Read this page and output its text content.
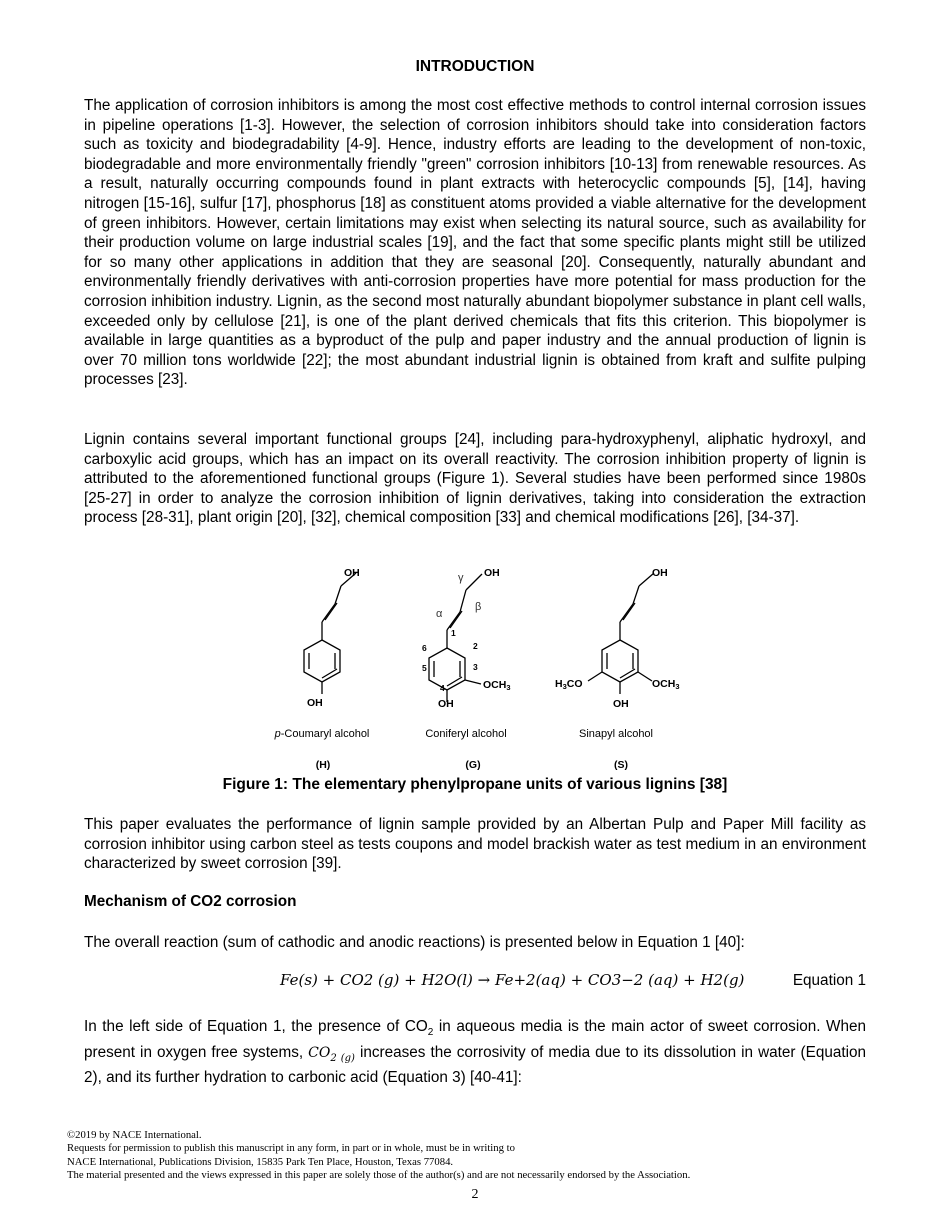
INTRODUCTION

The application of corrosion inhibitors is among the most cost effective methods to control internal corrosion issues in pipeline operations [1-3]. However, the selection of corrosion inhibitors should take into consideration factors such as toxicity and biodegradability [4-9]. Hence, industry efforts are leading to the development of non-toxic, biodegradable and more environmentally friendly "green" corrosion inhibitors [10-13] from renewable resources. As a result, naturally occurring compounds found in plant extracts with heterocyclic compounds [5], [14], having nitrogen [15-16], sulfur [17], phosphorus [18] as constituent atoms provided a viable alternative for the development of green inhibitors. However, certain limitations may exist when selecting its natural source, such as availability for their production volume on large industrial scales [19], and the fact that some specific plants might still be utilized for so many other applications in addition that they are seasonal [20]. Consequently, naturally abundant and environmentally friendly derivatives with anti-corrosion properties have more potential for mass production for the corrosion inhibition industry. Lignin, as the second most naturally abundant biopolymer substance in plant cell walls, exceeded only by cellulose [21], is one of the plant derived chemicals that fits this criterion. This biopolymer is available in large quantities as a byproduct of the pulp and paper industry and the annual production of lignin is over 70 million tons worldwide [22]; the most abundant industrial lignin is obtained from kraft and sulfite pulping processes [23].

Lignin contains several important functional groups [24], including para-hydroxyphenyl, aliphatic hydroxyl, and carboxylic acid groups, which has an impact on its overall reactivity. The corrosion inhibition property of lignin is attributed to the aforementioned functional groups (Figure 1). Several studies have been performed since 1980s [25-27] in order to analyze the corrosion inhibition of lignin derivatives, taking into consideration the extraction process [28-31], plant origin [20], [32], chemical composition [33] and chemical modifications [26], [34-37].

OH
OH
OH
OH
OCH3
OH
OH
OCH3
H3CO
1
2
3
4
5
6
γ
α
β
p-Coumaryl alcohol	Coniferyl alcohol	Sinapyl alcohol
(H)	(G)	(S)
Figure 1: The elementary phenylpropane units of various lignins [38]

This paper evaluates the performance of lignin sample provided by an Albertan Pulp and Paper Mill facility as corrosion inhibitor using carbon steel as tests coupons and model brackish water as test medium in an environment characterized by sweet corrosion [39].

Mechanism of CO2 corrosion

The overall reaction (sum of cathodic and anodic reactions) is presented below in Equation 1 [40]:

Fe(s) + CO2 (g) + H2O(l) → Fe+2(aq) + CO3−2 (aq) + H2(g)	Equation 1

In the left side of Equation 1, the presence of $CO_2$ in aqueous media is the main actor of sweet corrosion. When present in oxygen free systems, $CO_{2 (g)}$ increases the corrosivity of media due to its dissolution in water (Equation 2), and its further hydration to carbonic acid (Equation 3) [40-41]:

©2019 by NACE International.
Requests for permission to publish this manuscript in any form, in part or in whole, must be in writing to
NACE International, Publications Division, 15835 Park Ten Place, Houston, Texas 77084.
The material presented and the views expressed in this paper are solely those of the author(s) and are not necessarily endorsed by the Association.
2
